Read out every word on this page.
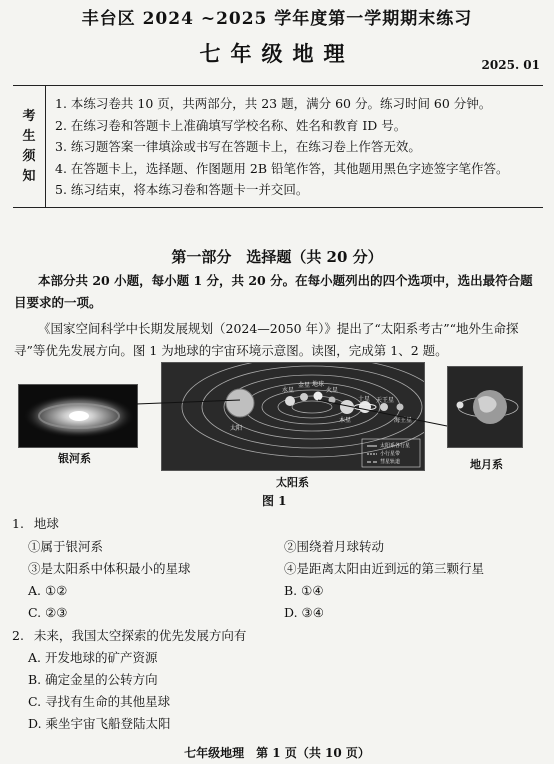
丰台区 2024 ~2025 学年度第一学期期末练习
七年级地理	2025. 01
考
生
须
知
1. 本练习卷共 10 页，共两部分，共 23 题，满分 60 分。练习时间 60 分钟。
2. 在练习卷和答题卡上准确填写学校名称、姓名和教育 ID 号。
3. 练习题答案一律填涂或书写在答题卡上，在练习卷上作答无效。
4. 在答题卡上，选择题、作图题用 2B 铅笔作答，其他题用黑色字迹签字笔作答。
5. 练习结束，将本练习卷和答题卡一并交回。
第一部分　选择题（共 20 分）
本部分共 20 小题，每小题 1 分，共 20 分。在每小题列出的四个选项中，选出最符合题目要求的一项。
《国家空间科学中长期发展规划（2024—2050 年）》提出了“太阳系考古”“地外生命探寻”等优先发展方向。图 1 为地球的宇宙环境示意图。读图，完成第 1、2 题。
银河系
太阳
水星
金星 地球
火星
木星
土星 天王星
海王星
太阳系各行星
小行星带
彗星轨道
太阳系
地月系
图 1
1. 地球
①属于银河系	②围绕着月球转动
③是太阳系中体积最小的星球	④是距离太阳由近到远的第三颗行星
A. ①②	B. ①④
C. ②③	D. ③④
2. 未来，我国太空探索的优先发展方向有
A. 开发地球的矿产资源
B. 确定金星的公转方向
C. 寻找有生命的其他星球
D. 乘坐宇宙飞船登陆太阳
七年级地理　第 1 页（共 10 页）
